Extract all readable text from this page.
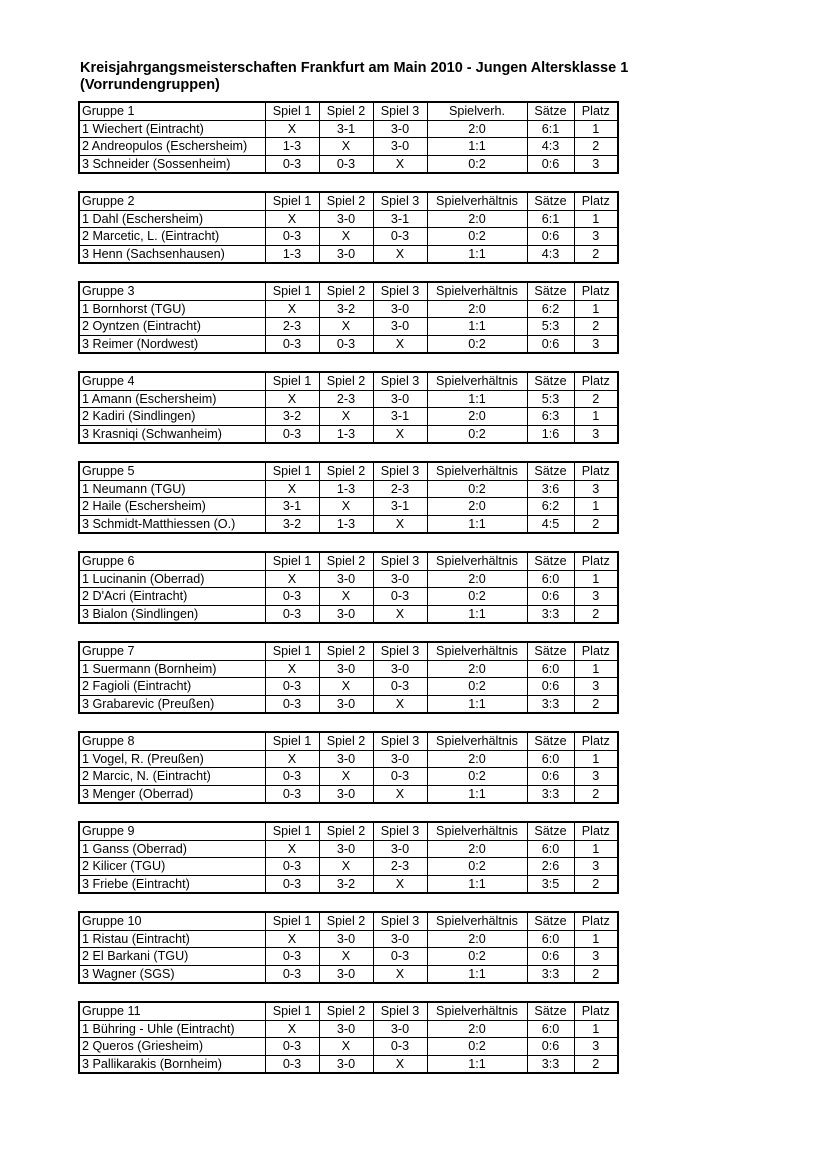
Kreisjahrgangsmeisterschaften Frankfurt am Main 2010 - Jungen Altersklasse 1
(Vorrundengruppen)
Gruppe 1	Spiel 1	Spiel 2	Spiel 3	Spielverh.	Sätze	Platz
1 Wiechert (Eintracht)	X	3-1	3-0	2:0	6:1	1
2 Andreopulos (Eschersheim)	1-3	X	3-0	1:1	4:3	2
3 Schneider (Sossenheim)	0-3	0-3	X	0:2	0:6	3
Gruppe 2	Spiel 1	Spiel 2	Spiel 3	Spielverhältnis	Sätze	Platz
1 Dahl (Eschersheim)	X	3-0	3-1	2:0	6:1	1
2 Marcetic, L. (Eintracht)	0-3	X	0-3	0:2	0:6	3
3 Henn (Sachsenhausen)	1-3	3-0	X	1:1	4:3	2
Gruppe 3	Spiel 1	Spiel 2	Spiel 3	Spielverhältnis	Sätze	Platz
1 Bornhorst (TGU)	X	3-2	3-0	2:0	6:2	1
2 Oyntzen (Eintracht)	2-3	X	3-0	1:1	5:3	2
3 Reimer (Nordwest)	0-3	0-3	X	0:2	0:6	3
Gruppe 4	Spiel 1	Spiel 2	Spiel 3	Spielverhältnis	Sätze	Platz
1 Amann (Eschersheim)	X	2-3	3-0	1:1	5:3	2
2 Kadiri (Sindlingen)	3-2	X	3-1	2:0	6:3	1
3 Krasniqi (Schwanheim)	0-3	1-3	X	0:2	1:6	3
Gruppe 5	Spiel 1	Spiel 2	Spiel 3	Spielverhältnis	Sätze	Platz
1 Neumann (TGU)	X	1-3	2-3	0:2	3:6	3
2 Haile (Eschersheim)	3-1	X	3-1	2:0	6:2	1
3 Schmidt-Matthiessen (O.)	3-2	1-3	X	1:1	4:5	2
Gruppe 6	Spiel 1	Spiel 2	Spiel 3	Spielverhältnis	Sätze	Platz
1 Lucinanin (Oberrad)	X	3-0	3-0	2:0	6:0	1
2 D'Acri (Eintracht)	0-3	X	0-3	0:2	0:6	3
3 Bialon (Sindlingen)	0-3	3-0	X	1:1	3:3	2
Gruppe 7	Spiel 1	Spiel 2	Spiel 3	Spielverhältnis	Sätze	Platz
1 Suermann (Bornheim)	X	3-0	3-0	2:0	6:0	1
2 Fagioli (Eintracht)	0-3	X	0-3	0:2	0:6	3
3 Grabarevic (Preußen)	0-3	3-0	X	1:1	3:3	2
Gruppe 8	Spiel 1	Spiel 2	Spiel 3	Spielverhältnis	Sätze	Platz
1 Vogel, R. (Preußen)	X	3-0	3-0	2:0	6:0	1
2 Marcic, N. (Eintracht)	0-3	X	0-3	0:2	0:6	3
3 Menger (Oberrad)	0-3	3-0	X	1:1	3:3	2
Gruppe 9	Spiel 1	Spiel 2	Spiel 3	Spielverhältnis	Sätze	Platz
1 Ganss (Oberrad)	X	3-0	3-0	2:0	6:0	1
2 Kilicer (TGU)	0-3	X	2-3	0:2	2:6	3
3 Friebe (Eintracht)	0-3	3-2	X	1:1	3:5	2
Gruppe 10	Spiel 1	Spiel 2	Spiel 3	Spielverhältnis	Sätze	Platz
1 Ristau (Eintracht)	X	3-0	3-0	2:0	6:0	1
2 El Barkani (TGU)	0-3	X	0-3	0:2	0:6	3
3 Wagner (SGS)	0-3	3-0	X	1:1	3:3	2
Gruppe 11	Spiel 1	Spiel 2	Spiel 3	Spielverhältnis	Sätze	Platz
1 Bühring - Uhle (Eintracht)	X	3-0	3-0	2:0	6:0	1
2 Queros (Griesheim)	0-3	X	0-3	0:2	0:6	3
3 Pallikarakis (Bornheim)	0-3	3-0	X	1:1	3:3	2
